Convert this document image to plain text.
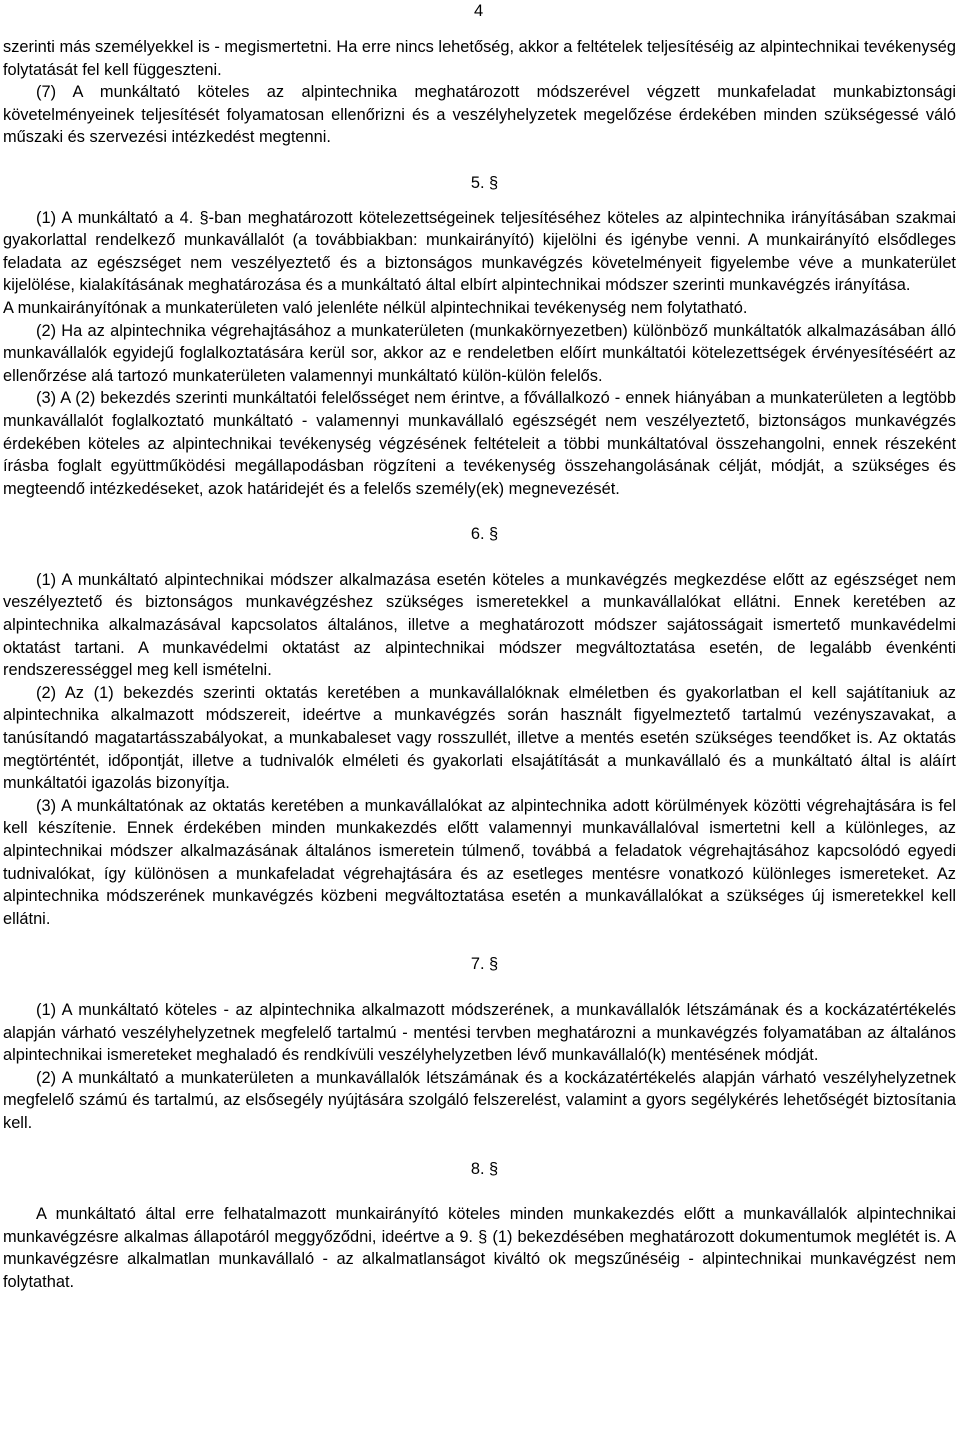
4

szerinti más személyekkel is - megismertetni. Ha erre nincs lehetőség, akkor a feltételek teljesítéséig az alpintechnikai tevékenység folytatását fel kell függeszteni.

(7) A munkáltató köteles az alpintechnika meghatározott módszerével végzett munkafeladat munkabiztonsági követelményeinek teljesítését folyamatosan ellenőrizni és a veszélyhelyzetek megelőzése érdekében minden szükségessé váló műszaki és szervezési intézkedést megtenni.

5. §

(1) A munkáltató a 4. §-ban meghatározott kötelezettségeinek teljesítéséhez köteles az alpintechnika irányításában szakmai gyakorlattal rendelkező munkavállalót (a továbbiakban: munkairányító) kijelölni és igénybe venni. A munkairányító elsődleges feladata az egészséget nem veszélyeztető és a biztonságos munkavégzés követelményeit figyelembe véve a munkaterület kijelölése, kialakításának meghatározása és a munkáltató által elbírt alpintechnikai módszer szerinti munkavégzés irányítása.

A munkairányítónak a munkaterületen való jelenléte nélkül alpintechnikai tevékenység nem folytatható.

(2) Ha az alpintechnika végrehajtásához a munkaterületen (munkakörnyezetben) különböző munkáltatók alkalmazásában álló munkavállalók egyidejű foglalkoztatására kerül sor, akkor az e rendeletben előírt munkáltatói kötelezettségek érvényesítéséért az ellenőrzése alá tartozó munkaterületen valamennyi munkáltató külön-külön felelős.

(3) A (2) bekezdés szerinti munkáltatói felelősséget nem érintve, a fővállalkozó - ennek hiányában a munkaterületen a legtöbb munkavállalót foglalkoztató munkáltató - valamennyi munkavállaló egészségét nem veszélyeztető, biztonságos munkavégzés érdekében köteles az alpintechnikai tevékenység végzésének feltételeit a többi munkáltatóval összehangolni, ennek részeként írásba foglalt együttműködési megállapodásban rögzíteni a tevékenység összehangolásának célját, módját, a szükséges és megteendő intézkedéseket, azok határidejét és a felelős személy(ek) megnevezését.

6. §

(1) A munkáltató alpintechnikai módszer alkalmazása esetén köteles a munkavégzés megkezdése előtt az egészséget nem veszélyeztető és biztonságos munkavégzéshez szükséges ismeretekkel a munkavállalókat ellátni. Ennek keretében az alpintechnika alkalmazásával kapcsolatos általános, illetve a meghatározott módszer sajátosságait ismertető munkavédelmi oktatást tartani. A munkavédelmi oktatást az alpintechnikai módszer megváltoztatása esetén, de legalább évenkénti rendszerességgel meg kell ismételni.

(2) Az (1) bekezdés szerinti oktatás keretében a munkavállalóknak elméletben és gyakorlatban el kell sajátítaniuk az alpintechnika alkalmazott módszereit, ideértve a munkavégzés során használt figyelmeztető tartalmú vezényszavakat, a tanúsítandó magatartásszabályokat, a munkabaleset vagy rosszullét, illetve a mentés esetén szükséges teendőket is. Az oktatás megtörténtét, időpontját, illetve a tudnivalók elméleti és gyakorlati elsajátítását a munkavállaló és a munkáltató által is aláírt munkáltatói igazolás bizonyítja.

(3) A munkáltatónak az oktatás keretében a munkavállalókat az alpintechnika adott körülmények közötti végrehajtására is fel kell készítenie. Ennek érdekében minden munkakezdés előtt valamennyi munkavállalóval ismertetni kell a különleges, az alpintechnikai módszer alkalmazásának általános ismeretein túlmenő, továbbá a feladatok végrehajtásához kapcsolódó egyedi tudnivalókat, így különösen a munkafeladat végrehajtására és az esetleges mentésre vonatkozó különleges ismereteket. Az alpintechnika módszerének munkavégzés közbeni megváltoztatása esetén a munkavállalókat a szükséges új ismeretekkel kell ellátni.

7. §

(1) A munkáltató köteles - az alpintechnika alkalmazott módszerének, a munkavállalók létszámának és a kockázatértékelés alapján várható veszélyhelyzetnek megfelelő tartalmú - mentési tervben meghatározni a munkavégzés folyamatában az általános alpintechnikai ismereteket meghaladó és rendkívüli veszélyhelyzetben lévő munkavállaló(k) mentésének módját.

(2) A munkáltató a munkaterületen a munkavállalók létszámának és a kockázatértékelés alapján várható veszélyhelyzetnek megfelelő számú és tartalmú, az elsősegély nyújtására szolgáló felszerelést, valamint a gyors segélykérés lehetőségét biztosítania kell.

8. §

A munkáltató által erre felhatalmazott munkairányító köteles minden munkakezdés előtt a munkavállalók alpintechnikai munkavégzésre alkalmas állapotáról meggyőződni, ideértve a 9. § (1) bekezdésében meghatározott dokumentumok meglétét is. A munkavégzésre alkalmatlan munkavállaló - az alkalmatlanságot kiváltó ok megszűnéséig - alpintechnikai munkavégzést nem folytathat.
